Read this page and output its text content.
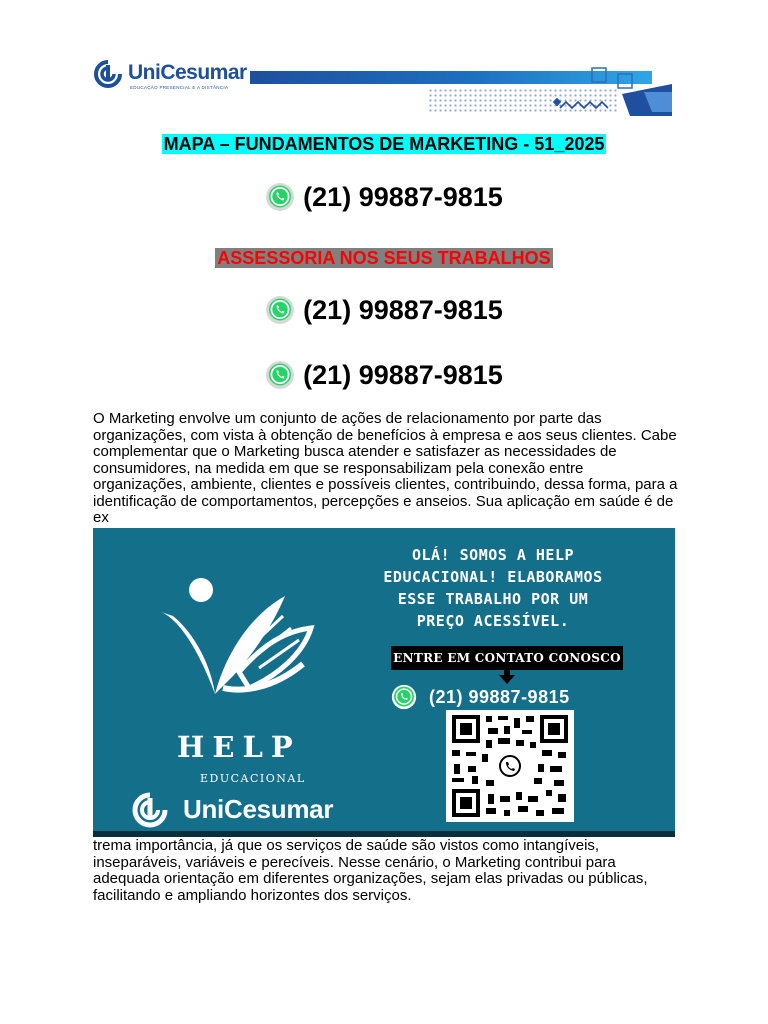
UniCesumar
EDUCAÇÃO PRESENCIAL E A DISTÂNCIA
MAPA – FUNDAMENTOS DE MARKETING - 51_2025
(21) 99887-9815
ASSESSORIA NOS SEUS TRABALHOS
(21) 99887-9815
(21) 99887-9815
O Marketing envolve um conjunto de ações de relacionamento por parte das organizações, com vista à obtenção de benefícios à empresa e aos seus clientes. Cabe complementar que o Marketing busca atender e satisfazer as necessidades de consumidores, na medida em que se responsabilizam pela conexão entre organizações, ambiente, clientes e possíveis clientes, contribuindo, dessa forma, para a identificação de comportamentos, percepções e anseios. Sua aplicação em saúde é de ex
HELP
EDUCACIONAL
UniCesumar
OLÁ! SOMOS A HELP
EDUCACIONAL! ELABORAMOS
ESSE TRABALHO POR UM
PREÇO ACESSÍVEL.
ENTRE EM CONTATO CONOSCO
(21) 99887-9815
trema importância, já que os serviços de saúde são vistos como intangíveis, inseparáveis, variáveis e perecíveis. Nesse cenário, o Marketing contribui para adequada orientação em diferentes organizações, sejam elas privadas ou públicas, facilitando e ampliando horizontes dos serviços.
